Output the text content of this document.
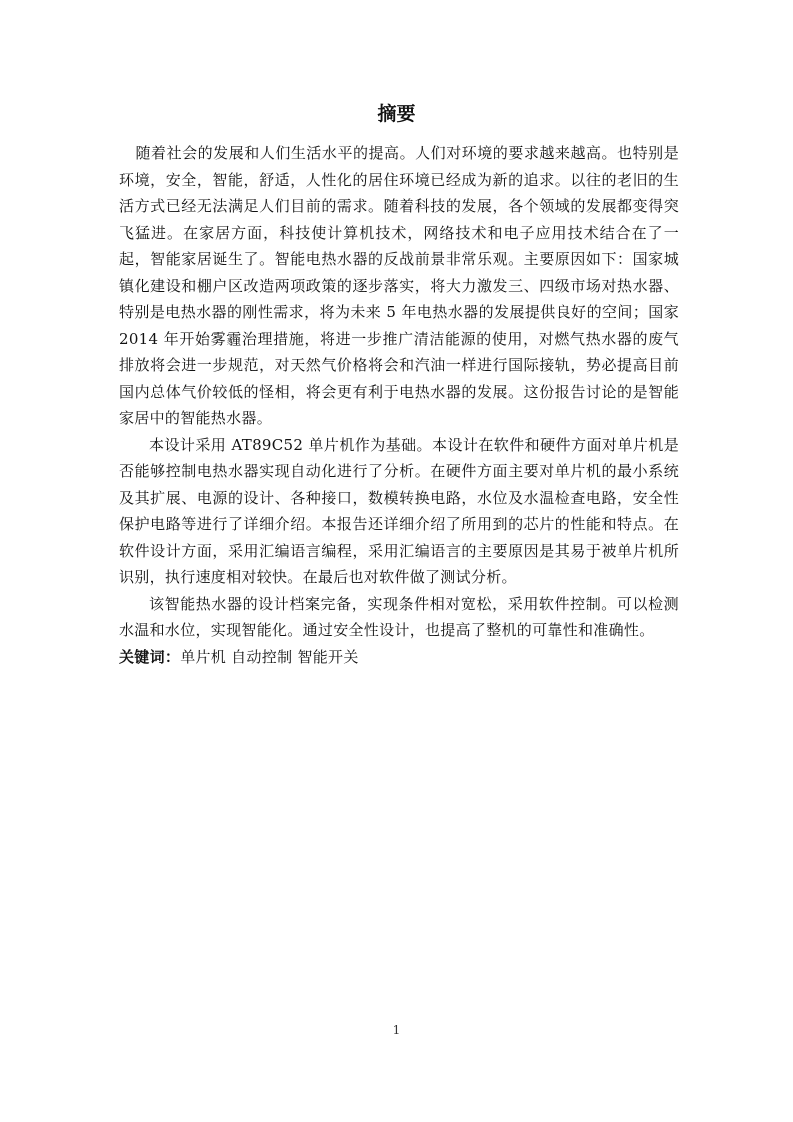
摘要

随着社会的发展和人们生活水平的提高。人们对环境的要求越来越高。也特别是环境，安全，智能，舒适，人性化的居住环境已经成为新的追求。以往的老旧的生活方式已经无法满足人们目前的需求。随着科技的发展，各个领域的发展都变得突飞猛进。在家居方面，科技使计算机技术，网络技术和电子应用技术结合在了一起，智能家居诞生了。智能电热水器的反战前景非常乐观。主要原因如下：国家城镇化建设和棚户区改造两项政策的逐步落实，将大力激发三、四级市场对热水器、特别是电热水器的刚性需求，将为未来 5 年电热水器的发展提供良好的空间；国家 2014 年开始雾霾治理措施，将进一步推广清洁能源的使用，对燃气热水器的废气排放将会进一步规范，对天然气价格将会和汽油一样进行国际接轨，势必提高目前国内总体气价较低的怪相，将会更有利于电热水器的发展。这份报告讨论的是智能家居中的智能热水器。

本设计采用 AT89C52 单片机作为基础。本设计在软件和硬件方面对单片机是否能够控制电热水器实现自动化进行了分析。在硬件方面主要对单片机的最小系统及其扩展、电源的设计、各种接口，数模转换电路，水位及水温检查电路，安全性保护电路等进行了详细介绍。本报告还详细介绍了所用到的芯片的性能和特点。在软件设计方面，采用汇编语言编程，采用汇编语言的主要原因是其易于被单片机所识别，执行速度相对较快。在最后也对软件做了测试分析。

该智能热水器的设计档案完备，实现条件相对宽松，采用软件控制。可以检测水温和水位，实现智能化。通过安全性设计，也提高了整机的可靠性和准确性。

关键词：单片机 自动控制 智能开关

1
